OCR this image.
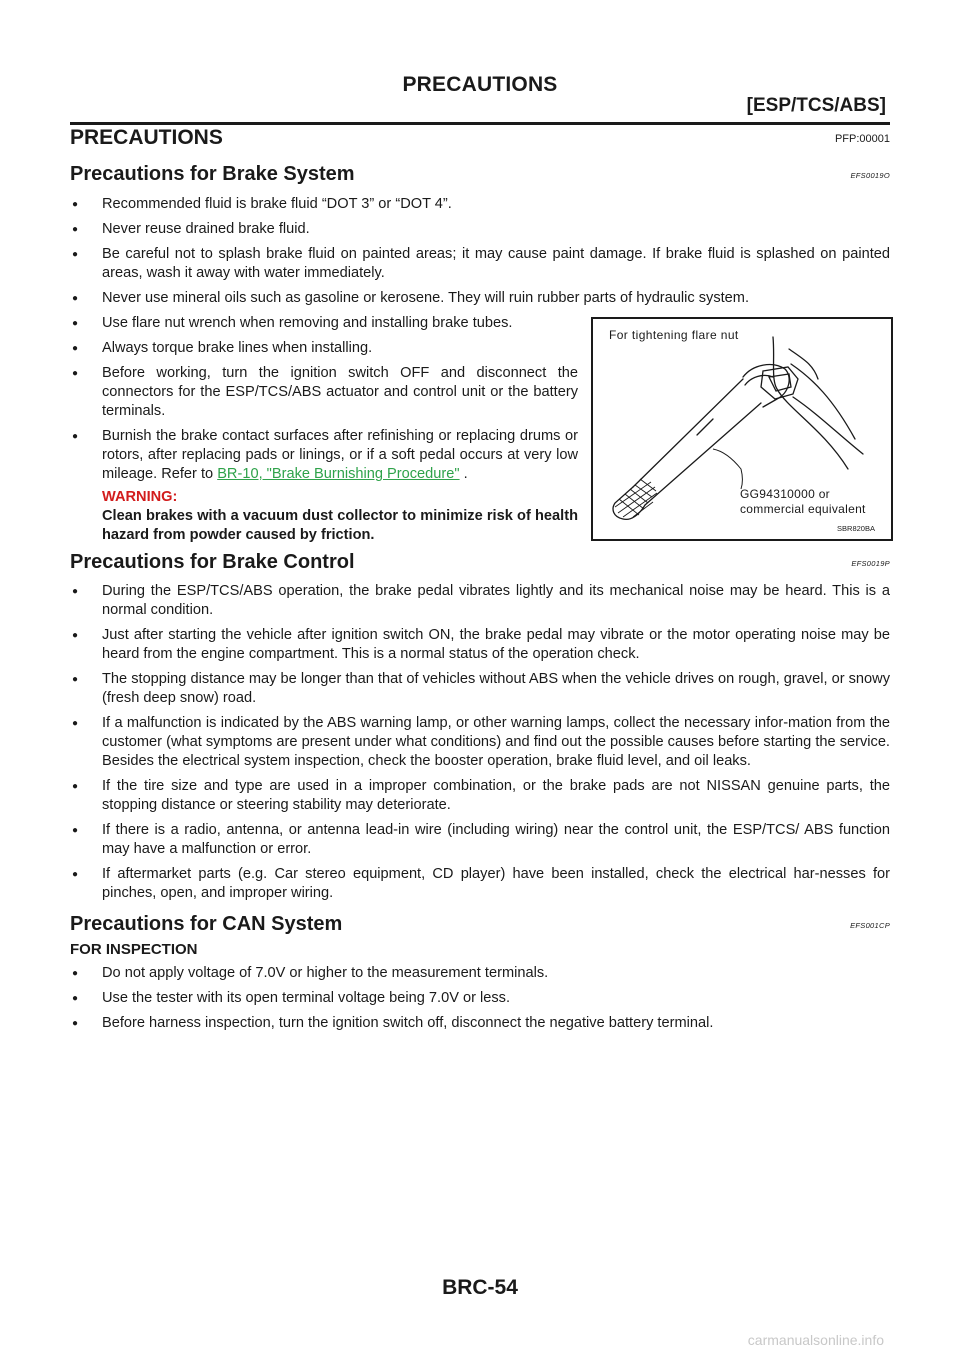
PRECAUTIONS
[ESP/TCS/ABS]
PRECAUTIONS	PFP:00001
Precautions for Brake System	EFS0019O
●
Recommended fluid is brake fluid “DOT 3” or “DOT 4”.
●
Never reuse drained brake fluid.
●
Be careful not to splash brake fluid on painted areas; it may cause paint damage. If brake fluid is splashed on painted areas, wash it away with water immediately.
●
Never use mineral oils such as gasoline or kerosene. They will ruin rubber parts of hydraulic system.
●
Use flare nut wrench when removing and installing brake tubes.
●
Always torque brake lines when installing.
●
Before working, turn the ignition switch OFF and disconnect the connectors for the ESP/TCS/ABS actuator and control unit or the battery terminals.
●
Burnish the brake contact surfaces after refinishing or replacing drums or rotors, after replacing pads or linings, or if a soft pedal occurs at very low mileage. Refer to BR-10, "Brake Burnishing Procedure" .
WARNING:
Clean brakes with a vacuum dust collector to minimize risk of health hazard from powder caused by friction.
For tightening flare nut
GG94310000 or
commercial equivalent
SBR820BA
Precautions for Brake Control	EFS0019P
●
During the ESP/TCS/ABS operation, the brake pedal vibrates lightly and its mechanical noise may be heard. This is a normal condition.
●
Just after starting the vehicle after ignition switch ON, the brake pedal may vibrate or the motor operating noise may be heard from the engine compartment. This is a normal status of the operation check.
●
The stopping distance may be longer than that of vehicles without ABS when the vehicle drives on rough, gravel, or snowy (fresh deep snow) road.
●
If a malfunction is indicated by the ABS warning lamp, or other warning lamps, collect the necessary infor-mation from the customer (what symptoms are present under what conditions) and find out the possible causes before starting the service. Besides the electrical system inspection, check the booster operation, brake fluid level, and oil leaks.
●
If the tire size and type are used in a improper combination, or the brake pads are not NISSAN genuine parts, the stopping distance or steering stability may deteriorate.
●
If there is a radio, antenna, or antenna lead-in wire (including wiring) near the control unit, the ESP/TCS/ ABS function may have a malfunction or error.
●
If aftermarket parts (e.g. Car stereo equipment, CD player) have been installed, check the electrical har-nesses for pinches, open, and improper wiring.
Precautions for CAN System	EFS001CP
FOR INSPECTION
●
Do not apply voltage of 7.0V or higher to the measurement terminals.
●
Use the tester with its open terminal voltage being 7.0V or less.
●
Before harness inspection, turn the ignition switch off, disconnect the negative battery terminal.
BRC-54
carmanualsonline.info
